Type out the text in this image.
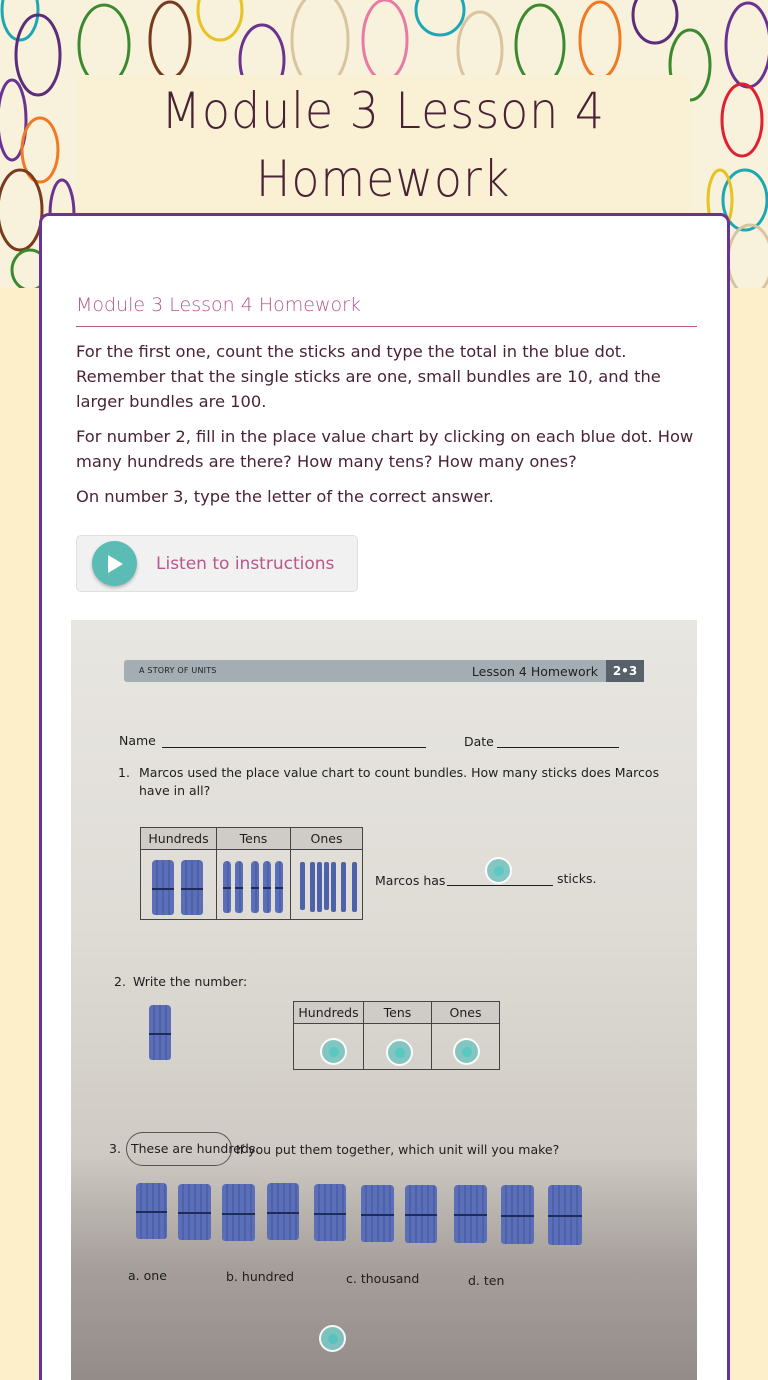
Module 3 Lesson 4
Homework
Module 3 Lesson 4 Homework

For the first one, count the sticks and type the total in the blue dot. Remember that the single sticks are one, small bundles are 10, and the larger bundles are 100.

For number 2, fill in the place value chart by clicking on each blue dot. How many hundreds are there? How many tens? How many ones?

On number 3, type the letter of the correct answer.

Listen to instructions
A STORY OF UNITS	Lesson 4 Homework	2•3
Name	Date
1. Marcos used the place value chart to count bundles. How many sticks does Marcos
have in all?
Hundreds	Tens	Ones

Marcos has	sticks.
2. Write the number:
Hundreds	Tens	Ones

3. These are hundreds.
If you put them together, which unit will you make?
a. one	b. hundred	c. thousand	d. ten
